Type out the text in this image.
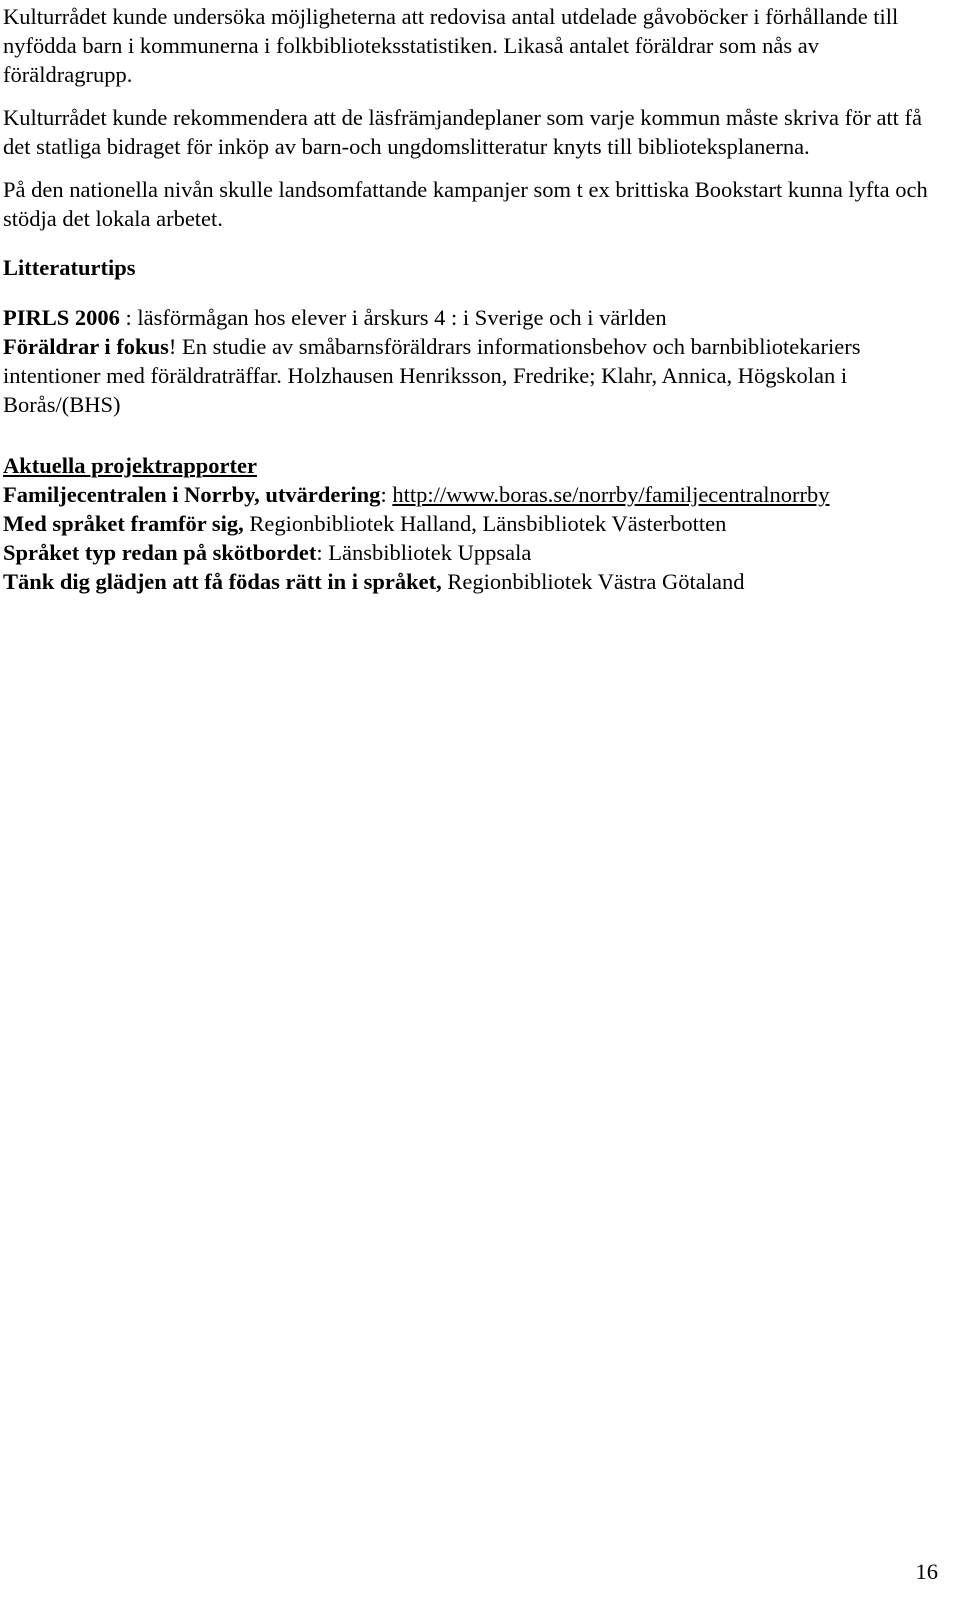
Kulturrådet kunde undersöka möjligheterna att redovisa antal utdelade gåvoböcker i förhållande till nyfödda barn i kommunerna i folkbiblioteksstatistiken. Likaså antalet föräldrar som nås av föräldragrupp.

Kulturrådet kunde rekommendera att de läsfrämjandeplaner som varje kommun måste skriva för att få det statliga bidraget för inköp av barn-och ungdomslitteratur knyts till biblioteksplanerna.

På den nationella nivån skulle landsomfattande kampanjer som t ex brittiska Bookstart kunna lyfta och stödja det lokala arbetet.

Litteraturtips

PIRLS 2006 : läsförmågan hos elever i årskurs 4 : i Sverige och i världen

Föräldrar i fokus! En studie av småbarnsföräldrars informationsbehov och barnbibliotekariers intentioner med föräldraträffar. Holzhausen Henriksson, Fredrike; Klahr, Annica, Högskolan i Borås/(BHS)

Aktuella projektrapporter

Familjecentralen i Norrby, utvärdering: http://www.boras.se/norrby/familjecentralnorrby

Med språket framför sig, Regionbibliotek Halland, Länsbibliotek Västerbotten

Språket typ redan på skötbordet: Länsbibliotek Uppsala

Tänk dig glädjen att få födas rätt in i språket, Regionbibliotek Västra Götaland

16
